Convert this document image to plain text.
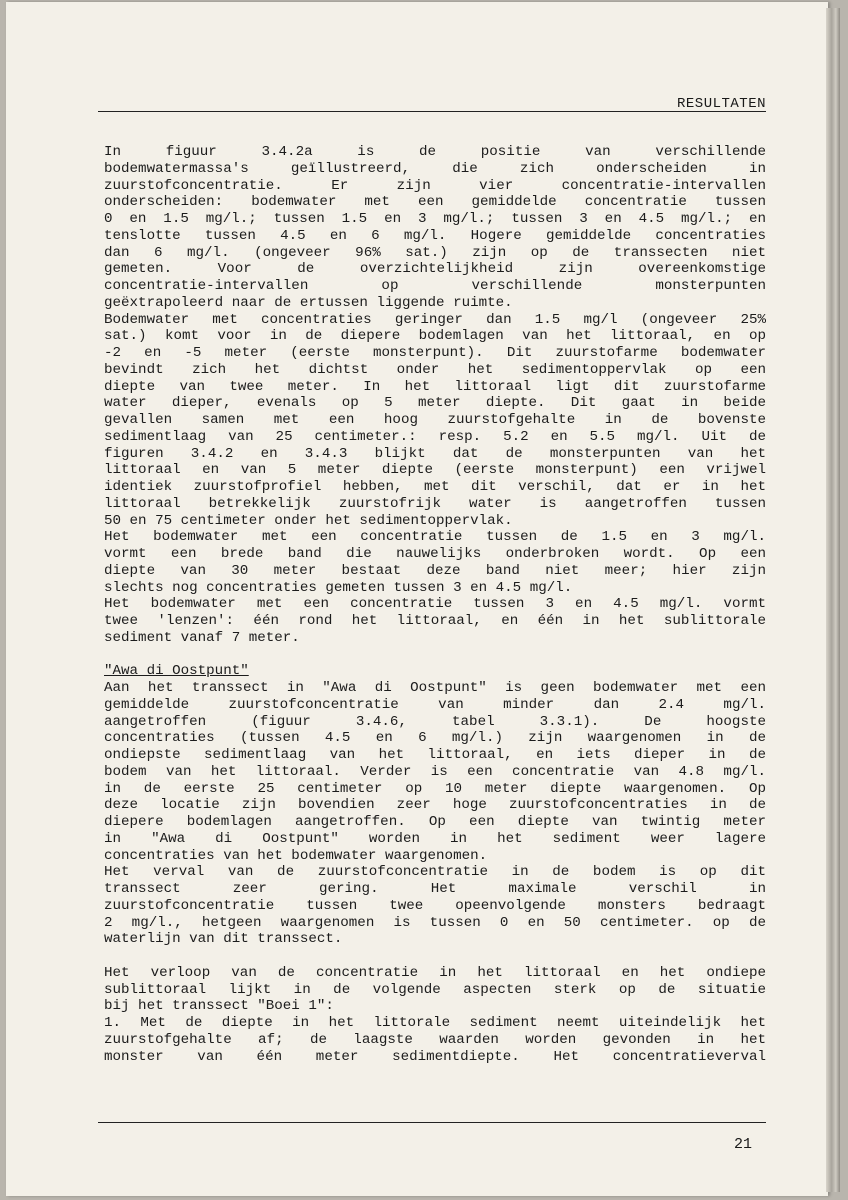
RESULTATEN
In figuur 3.4.2a is de positie van verschillende
bodemwatermassa's geïllustreerd, die zich onderscheiden in
zuurstofconcentratie. Er zijn vier concentratie-intervallen
onderscheiden: bodemwater met een gemiddelde concentratie tussen
0 en 1.5 mg/l.; tussen 1.5 en 3 mg/l.; tussen 3 en 4.5 mg/l.; en
tenslotte tussen 4.5 en 6 mg/l. Hogere gemiddelde concentraties
dan 6 mg/l. (ongeveer 96% sat.) zijn op de transsecten niet
gemeten. Voor de overzichtelijkheid zijn overeenkomstige
concentratie-intervallen op verschillende monsterpunten
geëxtrapoleerd naar de ertussen liggende ruimte.
Bodemwater met concentraties geringer dan 1.5 mg/l (ongeveer 25%
sat.) komt voor in de diepere bodemlagen van het littoraal, en op
-2 en -5 meter (eerste monsterpunt). Dit zuurstofarme bodemwater
bevindt zich het dichtst onder het sedimentoppervlak op een
diepte van twee meter. In het littoraal ligt dit zuurstofarme
water dieper, evenals op 5 meter diepte. Dit gaat in beide
gevallen samen met een hoog zuurstofgehalte in de bovenste
sedimentlaag van 25 centimeter.: resp. 5.2 en 5.5 mg/l. Uit de
figuren 3.4.2 en 3.4.3 blijkt dat de monsterpunten van het
littoraal en van 5 meter diepte (eerste monsterpunt) een vrijwel
identiek zuurstofprofiel hebben, met dit verschil, dat er in het
littoraal betrekkelijk zuurstofrijk water is aangetroffen tussen
50 en 75 centimeter onder het sedimentoppervlak.
Het bodemwater met een concentratie tussen de 1.5 en 3 mg/l.
vormt een brede band die nauwelijks onderbroken wordt. Op een
diepte van 30 meter bestaat deze band niet meer; hier zijn
slechts nog concentraties gemeten tussen 3 en 4.5 mg/l.
Het bodemwater met een concentratie tussen 3 en 4.5 mg/l. vormt
twee 'lenzen': één rond het littoraal, en één in het sublittorale
sediment vanaf 7 meter.
"Awa di Oostpunt"
Aan het transsect in "Awa di Oostpunt" is geen bodemwater met een
gemiddelde zuurstofconcentratie van minder dan 2.4 mg/l.
aangetroffen (figuur 3.4.6, tabel 3.3.1). De hoogste
concentraties (tussen 4.5 en 6 mg/l.) zijn waargenomen in de
ondiepste sedimentlaag van het littoraal, en iets dieper in de
bodem van het littoraal. Verder is een concentratie van 4.8 mg/l.
in de eerste 25 centimeter op 10 meter diepte waargenomen. Op
deze locatie zijn bovendien zeer hoge zuurstofconcentraties in de
diepere bodemlagen aangetroffen. Op een diepte van twintig meter
in "Awa di Oostpunt" worden in het sediment weer lagere
concentraties van het bodemwater waargenomen.
Het verval van de zuurstofconcentratie in de bodem is op dit
transsect zeer gering. Het maximale verschil in
zuurstofconcentratie tussen twee opeenvolgende monsters bedraagt
2 mg/l., hetgeen waargenomen is tussen 0 en 50 centimeter. op de
waterlijn van dit transsect.
Het verloop van de concentratie in het littoraal en het ondiepe
sublittoraal lijkt in de volgende aspecten sterk op de situatie
bij het transsect "Boei 1":
1. Met de diepte in het littorale sediment neemt uiteindelijk het
zuurstofgehalte af; de laagste waarden worden gevonden in het
monster van één meter sedimentdiepte. Het concentratieverval
21
